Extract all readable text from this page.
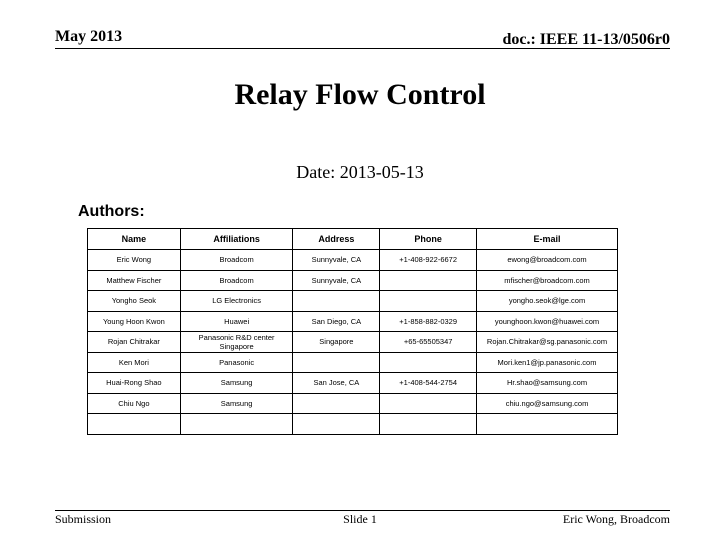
May 2013	doc.: IEEE 11-13/0506r0
Relay Flow Control
Date: 2013-05-13
Authors:
Name	Affiliations	Address	Phone	E-mail
Eric Wong	Broadcom	Sunnyvale, CA	+1-408-922-6672	ewong@broadcom.com
Matthew Fischer	Broadcom	Sunnyvale, CA		mfischer@broadcom.com
Yongho Seok	LG Electronics			yongho.seok@lge.com
Young Hoon Kwon	Huawei	San Diego, CA	+1-858-882-0329	younghoon.kwon@huawei.com
Rojan Chitrakar	Panasonic R&D center Singapore	Singapore	+65-65505347	Rojan.Chitrakar@sg.panasonic.com
Ken Mori	Panasonic			Mori.ken1@jp.panasonic.com
Huai-Rong Shao	Samsung	San Jose, CA	+1-408-544-2754	Hr.shao@samsung.com
Chiu Ngo	Samsung			chiu.ngo@samsung.com

Submission	Slide 1	Eric Wong, Broadcom
